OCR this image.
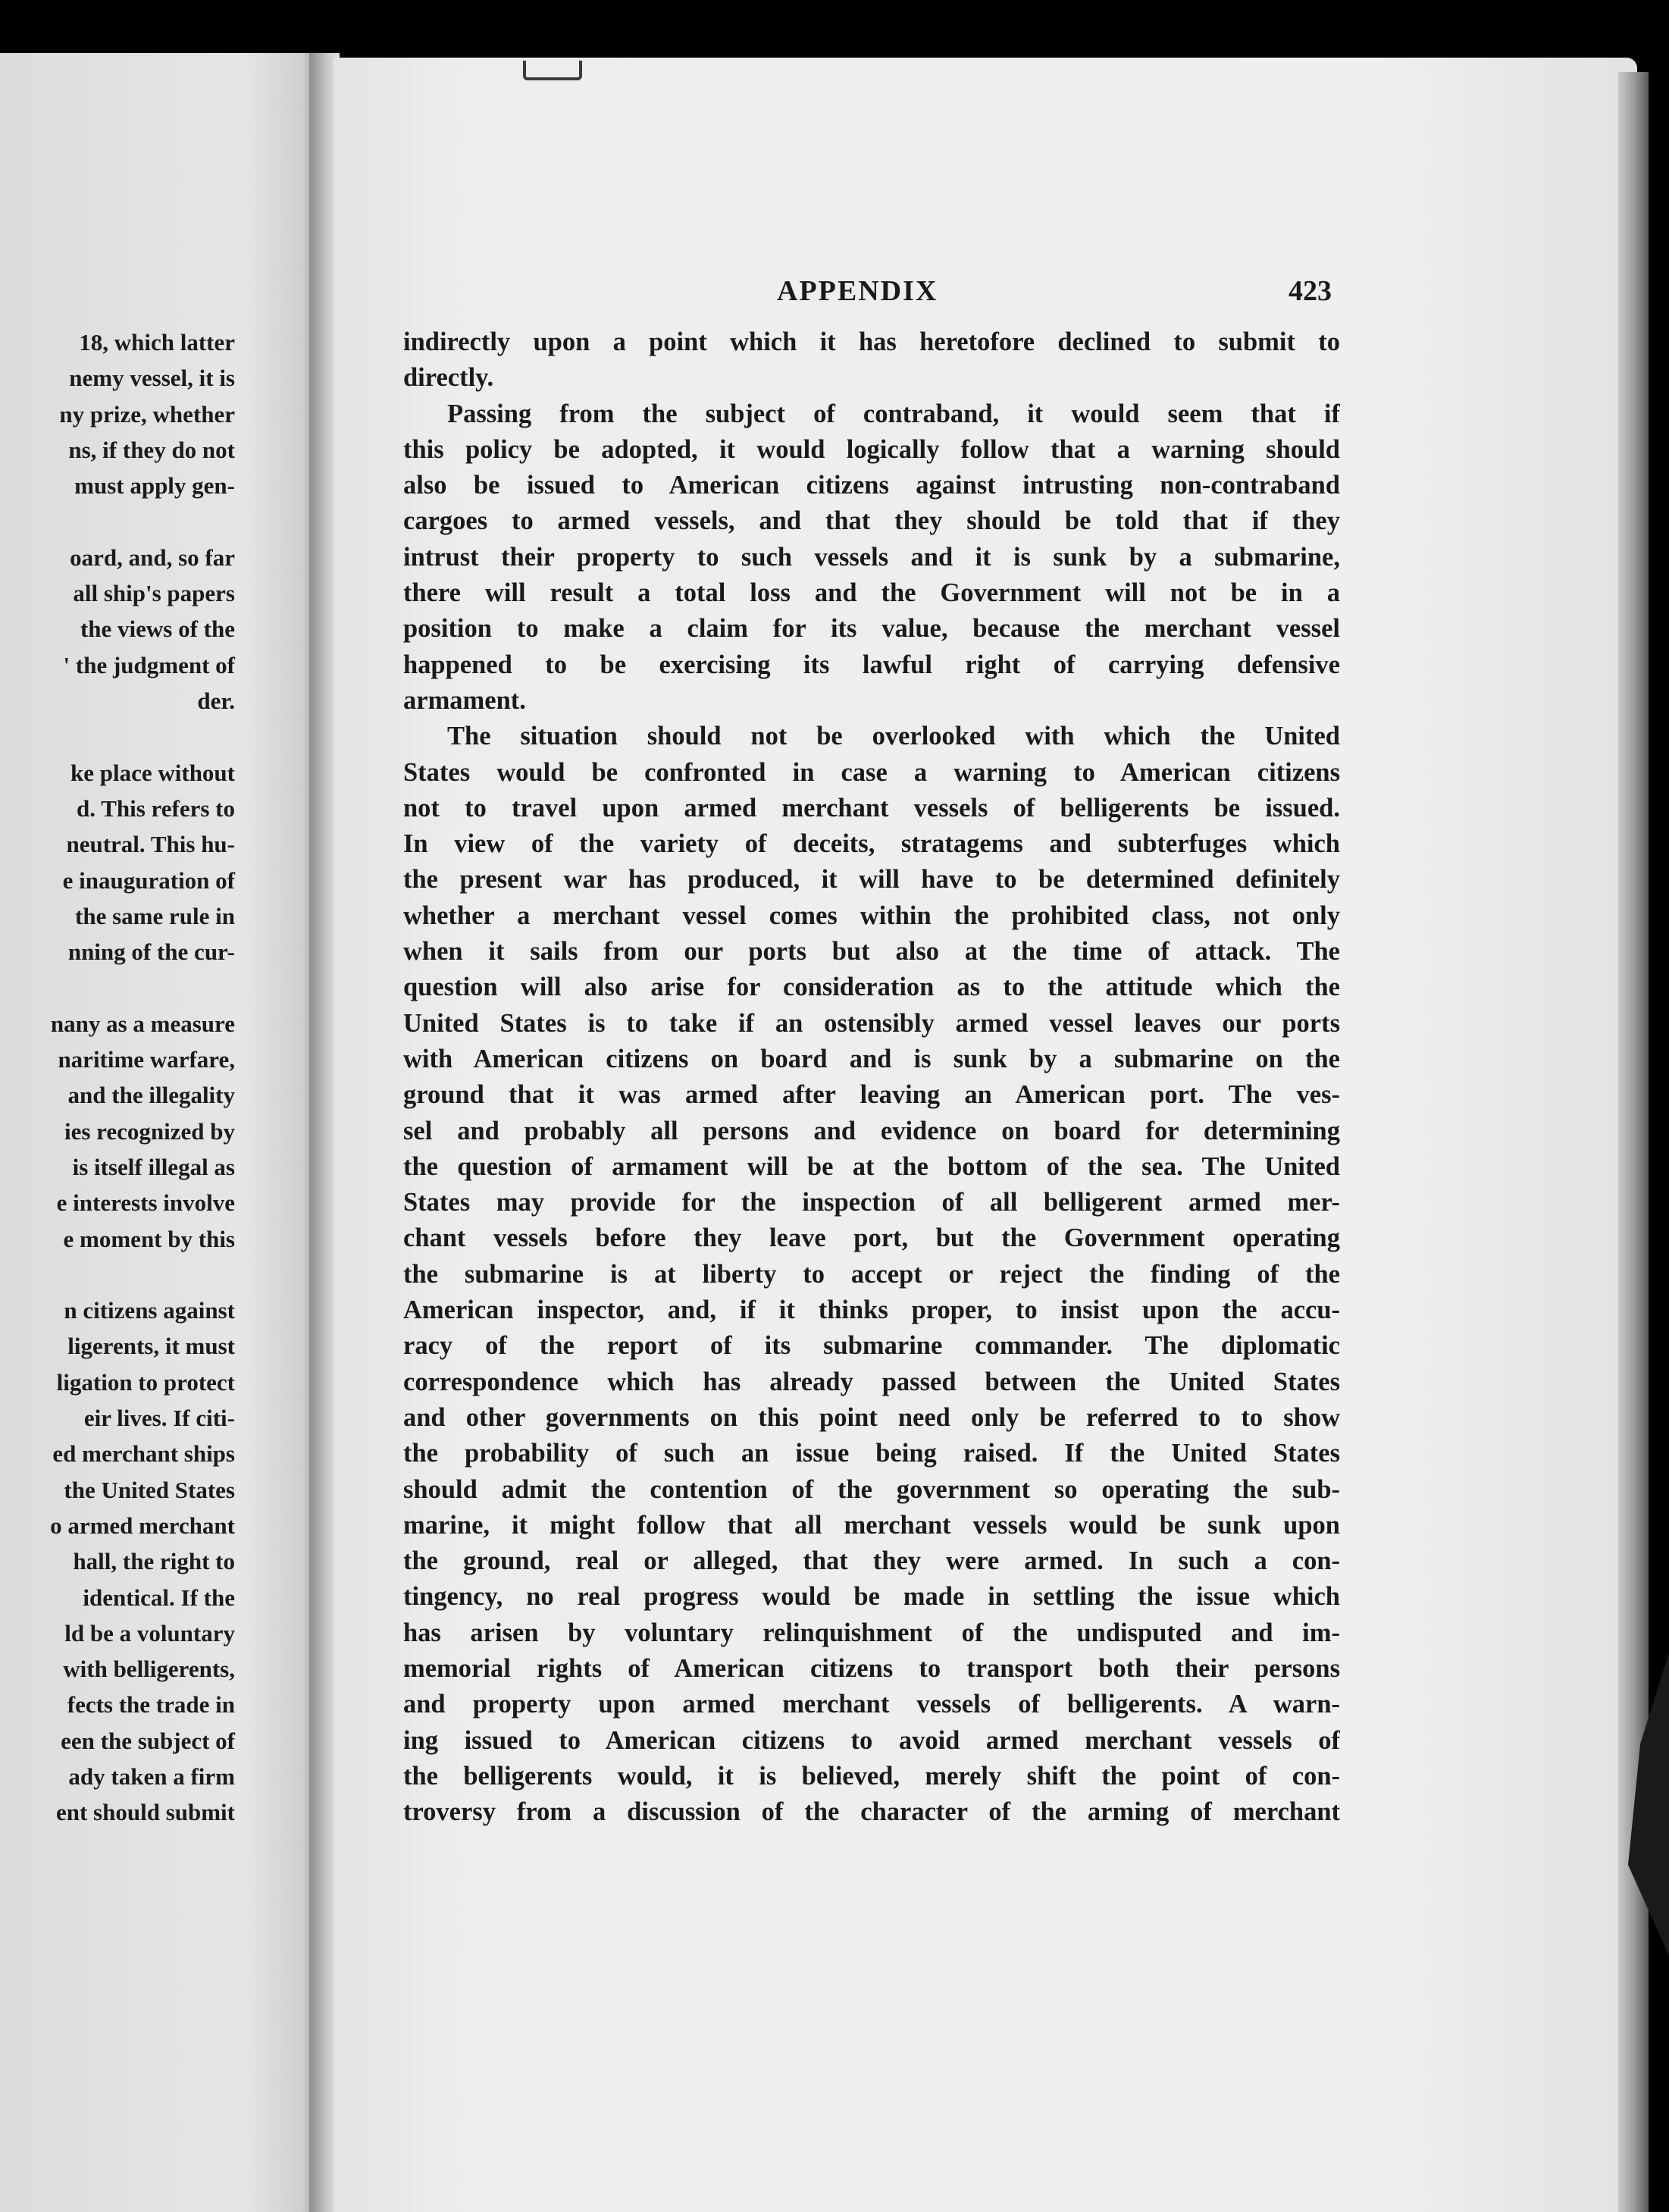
18, which latter
nemy vessel, it is
ny prize, whether
ns, if they do not
must apply gen-
oard, and, so far
all ship's papers
the views of the
' the judgment of
der.
ke place without
d. This refers to
neutral. This hu-
e inauguration of
the same rule in
nning of the cur-
nany as a measure
naritime warfare,
and the illegality
ies recognized by
is itself illegal as
e interests involve
e moment by this
n citizens against
ligerents, it must
ligation to protect
eir lives. If citi-
ed merchant ships
the United States
o armed merchant
hall, the right to
identical. If the
ld be a voluntary
with belligerents,
fects the trade in
een the subject of
ady taken a firm
ent should submit
APPENDIX	423
indirectly upon a point which it has heretofore declined to submit to
directly.
Passing from the subject of contraband, it would seem that if
this policy be adopted, it would logically follow that a warning should
also be issued to American citizens against intrusting non-contraband
cargoes to armed vessels, and that they should be told that if they
intrust their property to such vessels and it is sunk by a submarine,
there will result a total loss and the Government will not be in a
position to make a claim for its value, because the merchant vessel
happened to be exercising its lawful right of carrying defensive
armament.
The situation should not be overlooked with which the United
States would be confronted in case a warning to American citizens
not to travel upon armed merchant vessels of belligerents be issued.
In view of the variety of deceits, stratagems and subterfuges which
the present war has produced, it will have to be determined definitely
whether a merchant vessel comes within the prohibited class, not only
when it sails from our ports but also at the time of attack. The
question will also arise for consideration as to the attitude which the
United States is to take if an ostensibly armed vessel leaves our ports
with American citizens on board and is sunk by a submarine on the
ground that it was armed after leaving an American port. The ves-
sel and probably all persons and evidence on board for determining
the question of armament will be at the bottom of the sea. The United
States may provide for the inspection of all belligerent armed mer-
chant vessels before they leave port, but the Government operating
the submarine is at liberty to accept or reject the finding of the
American inspector, and, if it thinks proper, to insist upon the accu-
racy of the report of its submarine commander. The diplomatic
correspondence which has already passed between the United States
and other governments on this point need only be referred to to show
the probability of such an issue being raised. If the United States
should admit the contention of the government so operating the sub-
marine, it might follow that all merchant vessels would be sunk upon
the ground, real or alleged, that they were armed. In such a con-
tingency, no real progress would be made in settling the issue which
has arisen by voluntary relinquishment of the undisputed and im-
memorial rights of American citizens to transport both their persons
and property upon armed merchant vessels of belligerents. A warn-
ing issued to American citizens to avoid armed merchant vessels of
the belligerents would, it is believed, merely shift the point of con-
troversy from a discussion of the character of the arming of merchant
